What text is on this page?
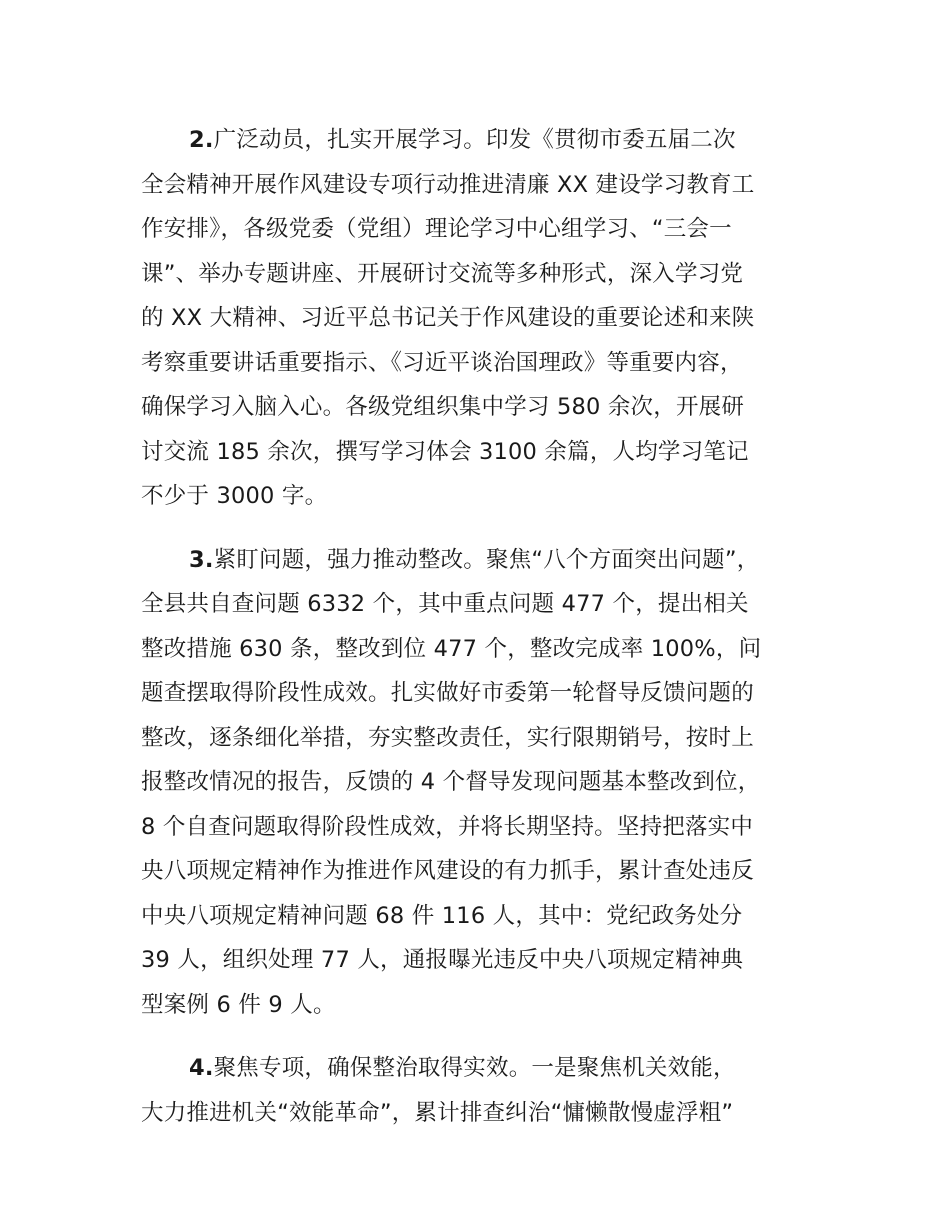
2.广泛动员，扎实开展学习。印发《贯彻市委五届二次
全会精神开展作风建设专项行动推进清廉 XX 建设学习教育工
作安排》，各级党委（党组）理论学习中心组学习、“三会一
课”、举办专题讲座、开展研讨交流等多种形式，深入学习党
的 XX 大精神、习近平总书记关于作风建设的重要论述和来陕
考察重要讲话重要指示、《习近平谈治国理政》等重要内容，
确保学习入脑入心。各级党组织集中学习 580 余次，开展研
讨交流 185 余次，撰写学习体会 3100 余篇，人均学习笔记
不少于 3000 字。
3.紧盯问题，强力推动整改。聚焦“八个方面突出问题”，
全县共自查问题 6332 个，其中重点问题 477 个，提出相关
整改措施 630 条，整改到位 477 个，整改完成率 100%，问
题查摆取得阶段性成效。扎实做好市委第一轮督导反馈问题的
整改，逐条细化举措，夯实整改责任，实行限期销号，按时上
报整改情况的报告，反馈的 4 个督导发现问题基本整改到位，
8 个自查问题取得阶段性成效，并将长期坚持。坚持把落实中
央八项规定精神作为推进作风建设的有力抓手，累计查处违反
中央八项规定精神问题 68 件 116 人，其中：党纪政务处分
39 人，组织处理 77 人，通报曝光违反中央八项规定精神典
型案例 6 件 9 人。
4.聚焦专项，确保整治取得实效。一是聚焦机关效能，
大力推进机关“效能革命”，累计排查纠治“慵懒散慢虚浮粗”
